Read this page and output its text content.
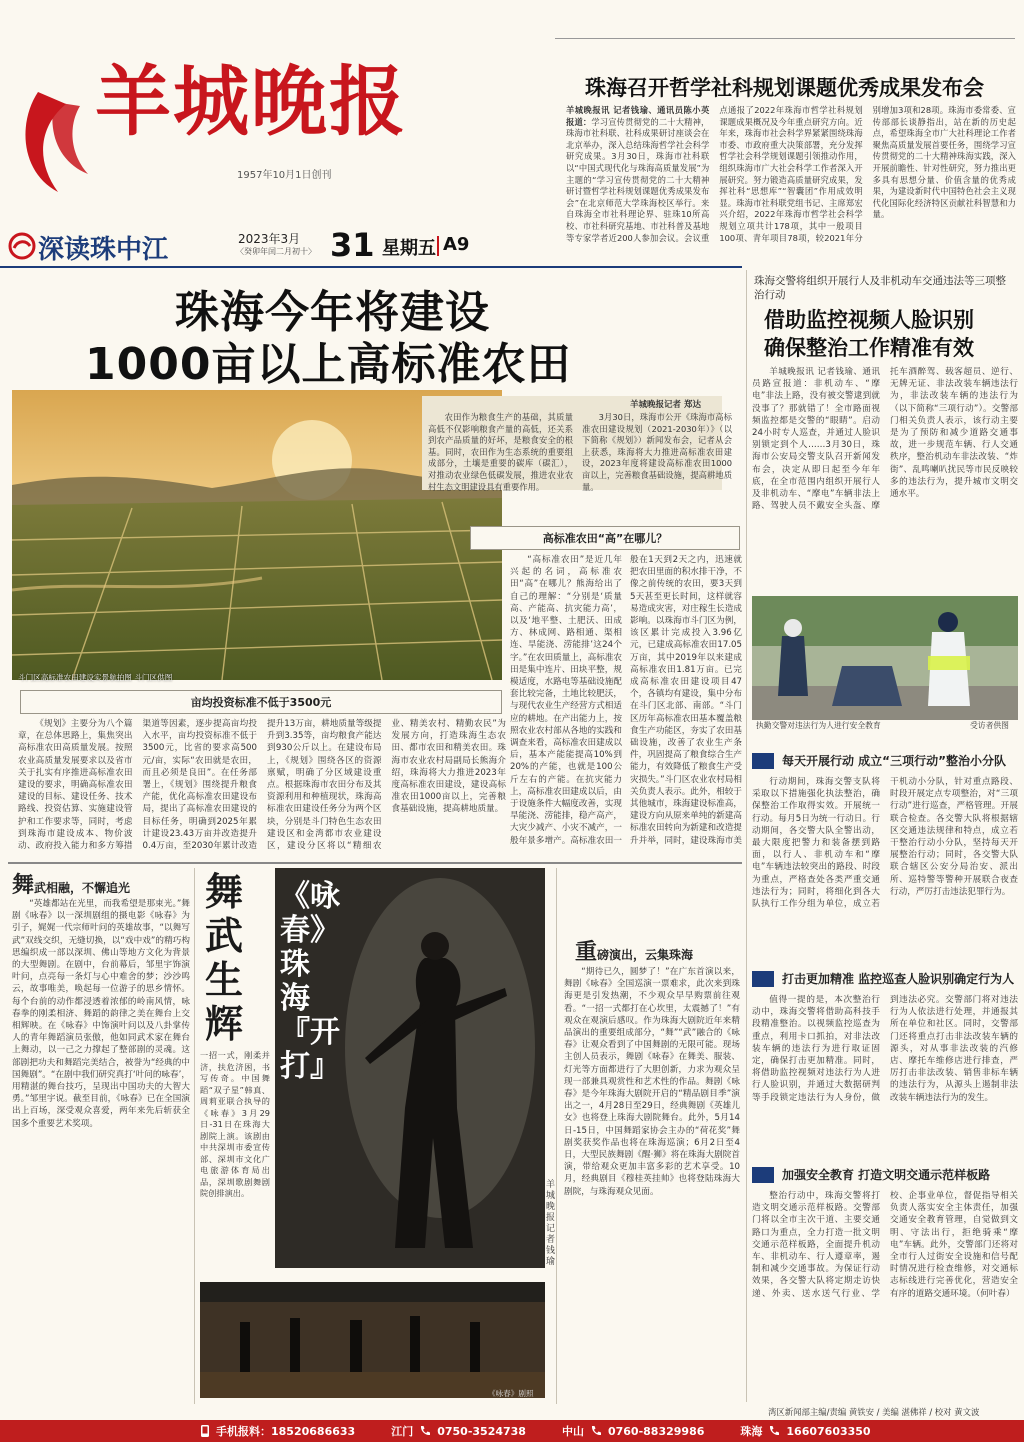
羊城晚报
1957年10月1日创刊
珠海召开哲学社科规划课题优秀成果发布会
深读珠中江	2023年3月
〈癸卯年闰二月初十〉 31 星期五 A9
羊城晚报讯 记者钱瑜、通讯员陈小英报道：学习宣传贯彻党的二十大精神，珠海市社科联、社科成果研讨座谈会在北京举办，深入总结珠海哲学社会科学研究成果。3月30日，珠海市社科联以“中国式现代化与珠海高质量发展”为主题的“学习宣传贯彻党的二十大精神研讨暨哲学社科规划课题优秀成果发布会”在北京师范大学珠海校区举行。来自珠海全市社科理论界、驻珠10所高校、市社科研究基地、市社科普及基地等专家学者近200人参加会议。会议重点通报了2022年珠海市哲学社科规划课题成果概况及今年重点研究方向。近年来，珠海市社会科学界紧紧围绕珠海市委、市政府重大决策部署，充分发挥哲学社会科学规划课题引领推动作用，组织珠海市广大社会科学工作者深入开展研究。努力锻造高质量研究成果，发挥社科“思想库”“智囊团”作用成效明显。珠海市社科联党组书记、主席郑宏兴介绍，2022年珠海市哲学社会科学规划立项共计178项，其中一般项目100项、青年项目78项，较2021年分别增加3项和28项。珠海市委常委、宣传部部长谈静指出，站在新的历史起点，希望珠海全市广大社科理论工作者聚焦高质量发展首要任务，围绕学习宣传贯彻党的二十大精神珠海实践，深入开展前瞻性、针对性研究，努力推出更多具有思想分量、价值含量的优秀成果，为建设新时代中国特色社会主义现代化国际化经济特区贡献社科智慧和力量。
珠海今年将建设
1000亩以上高标准农田

农田作为粮食生产的基础，其质量高低不仅影响粮食产量的高低，还关系到农产品质量的好坏，是粮食安全的根基。同时，农田作为生态系统的重要组成部分，土壤是重要的碳库（碳汇），对推动农业绿色低碳发展，推进农业农村生态文明建设具有重要作用。

羊城晚报记者 郑达

3月30日，珠海市公开《珠海市高标准农田建设规划（2021-2030年）》（以下简称《规划》）新闻发布会，记者从会上获悉，珠海将大力推进高标准农田建设，2023年度将建设高标准农田1000亩以上，完善粮食基础设施，提高耕地质量。

斗门区高标准农田建设实景航拍图 斗门区供图
高标准农田“高”在哪儿？

“高标准农田”是近几年兴起的名词，高标准农田“高”在哪儿？熊海给出了自己的理解：“分别是‘质量高、产能高、抗灾能力高’，以及‘地平整、土肥沃、田成方、林成网、路相通、渠相连、旱能浇、涝能排’这24个字。”在农田质量上，高标准农田是集中连片、田块平整，规模适度，水路电等基础设施配套比较完备，土地比较肥沃，与现代农业生产经营方式相适应的耕地。在产出能力上，按照农业农村部从各地的实践和调查来看，高标准农田建成以后，基本产能能提高10%到20%的产能，也就是100公斤左右的产能。在抗灾能力上，高标准农田建成以后，由于设施条件大幅度改善，实现旱能浇、涝能排，稳产高产，大灾少减产、小灾不减产，一般年景多增产。高标准农田一般在1天到2天之内，迅速就把农田里面的积水排干净，不像之前传统的农田，要3天到5天甚至更长时间，这样就容易造成灾害，对庄稼生长造成影响。以珠海市斗门区为例，该区累计完成投入3.96亿元，已建成高标准农田17.05万亩，其中2019年以来建成高标准农田1.81万亩。已完成高标准农田建设项目47个，各镇均有建设，集中分布在斗门区北部、南部。“斗门区历年高标准农田基本覆盖粮食生产功能区，夯实了农田基础设施，改善了农业生产条件，巩固提高了粮食综合生产能力，有效降低了粮食生产受灾损失。”斗门区农业农村局相关负责人表示。此外，相较于其他城市，珠海建设标准高，建设方向从原来单纯的新建高标准农田转向为新建和改造提升并举，同时，建设珠海市美

亩均投资标准不低于3500元

《规划》主要分为八个篇章，在总体思路上，集焦突出高标准农田高质量发展。按照农业高质量发展要求以及省市关于扎实有序推进高标准农田建设的要求，明确高标准农田建设的目标、建设任务、技术路线、投资估算、实施建设管护和工作要求等，同时，考虑到珠海市建设成本、物价波动、政府投入能力和多方筹措渠道等因素，逐步提高亩均投入水平，亩均投资标准不低于3500元，比省的要求高500元/亩，实际“农田就是农田，而且必须是良田”。在任务部署上，《规划》围绕提升粮食产能，优化高标准农田建设布局，提出了高标准农田建设的目标任务，明确到2025年累计建设23.43万亩并改造提升0.4万亩，至2030年累计改造提升13万亩，耕地质量等级提升到3.35等，亩均粮食产能达到930公斤以上。在建设布局上，《规划》围绕各区的资源禀赋，明确了分区域建设重点。根据珠海市农田分布及其资源利用和种植现状，珠海高标准农田建设任务分为两个区块，分别是斗门特色生态农田建设区和金湾都市农业建设区，建设分区将以“精细农业、精美农村、精勤农民”为发展方向，打造珠海生态农田、都市农田和精美农田。珠海市农业农村局副局长熊海介绍，珠海将大力推进2023年度高标准农田建设，建设高标准农田1000亩以上，完善粮食基础设施，提高耕地质量。

舞武相融，不懈追光

“英雄都站在光里，而我希望是那束光。”舞剧《咏春》以一深圳剧组的摄电影《咏春》为引子，娓娓一代宗师叶问的英雄故事，“以舞写武”双线交织，无缝切换，以“戏中戏”的精巧构思编织成一部以深圳、佛山等地方文化为背景的大型舞剧。在剧中，台前幕后，邹里宇饰演叶问，点亮每一条灯与心中难舍的梦；沙沙鸣云，故事唯美，唤起每一位游子的思乡情怀。每个台前的动作都浸透着浓郁的岭南风情，咏春拳的刚柔相济、舞蹈的韵律之美在舞台上交相辉映。在《咏春》中饰演叶问以及八卦掌传人的青年舞蹈演员张傲，他如同武术家在舞台上舞动，以一己之力撑起了整部剧的灵魂。这部剧把功夫和舞蹈完美结合，被誉为“经典的中国舞剧”。“在剧中我们研究真打‘叶问的咏春’，用精湛的舞台技巧，呈现出中国功夫的大智大勇。”邹里宇说。截至目前，《咏春》已在全国演出上百场，深受观众喜爱，两年来先后斩获全国多个重要艺术奖项。

舞武生辉

一招一式，刚柔并济，扶危济困，书写传奇。中国舞蹈“双子星”韩真、周莉亚联合执导的《咏春》3月29日-31日在珠海大剧院上演。该剧由中共深圳市委宣传部、深圳市文化广电旅游体育局出品，深圳歌剧舞剧院创排演出。

《咏春》珠海『开打』
羊城晚报记者 钱瑜
《咏春》剧照
重磅演出，云集珠海

“期待已久，圆梦了！”在广东首演以来，舞剧《咏春》全国巡演一票难求，此次来到珠海更是引发热潮，不少观众早早购票前往观看。“一招一式都打在心坎里，太震撼了！”有观众在观演后感叹。作为珠海大剧院近年来精品演出的重要组成部分，“舞”“武”融合的《咏春》让观众看到了中国舞剧的无限可能。现场主创人员表示，舞剧《咏春》在舞美、服装、灯光等方面都进行了大胆创新，力求为观众呈现一部兼具观赏性和艺术性的作品。舞剧《咏春》是今年珠海大剧院开启的“精品剧目季”演出之一，4月28日至29日，经典舞剧《英雄儿女》也将登上珠海大剧院舞台。此外，5月14日-15日，中国舞蹈家协会主办的“荷花奖”舞剧奖获奖作品也将在珠海巡演；6月2日至4日，大型民族舞剧《醒·狮》将在珠海大剧院首演，带给观众更加丰富多彩的艺术享受。10月，经典剧目《穆桂英挂帅》也将登陆珠海大剧院，与珠海观众见面。

珠海交警将组织开展行人及非机动车交通违法等三项整治行动
借助监控视频人脸识别
确保整治工作精准有效

羊城晚报讯 记者钱瑜、通讯员路宣报道：非机动车、“摩电”非法上路，没有被交警逮到就没事了？那就错了！全市路面视频监控都是交警的“眼睛”。启动24小时专人巡查，并通过人脸识别锁定到个人……3月30日，珠海市公安局交警支队召开新闻发布会，决定从即日起至今年年底，在全市范围内组织开展行人及非机动车、“摩电”车辆非法上路、驾驶人员不戴安全头盔、摩托车酒醉驾、载客超员、逆行、无牌无证、非法改装车辆违法行为，非法改装车辆的违法行为（以下简称“三项行动”）。交警部门相关负责人表示，该行动主要是为了预防和减少道路交通事故，进一步规范车辆、行人交通秩序，整治机动车非法改装、“炸街”、乱鸣喇叭扰民等市民反映较多的违法行为，提升城市文明交通水平。

执勤交警对违法行为人进行安全教育	受访者供图
每天开展行动 成立“三项行动”整治小分队

行动期间，珠海交警支队将采取以下措施强化执法整治，确保整治工作取得实效。开展统一行动。每月5日为统一行动日。行动期间，各交警大队全警出动，最大限度把警力和装备摆到路面，以行人、非机动车和“摩电”车辆违法较突出的路段、时段为重点，严格查处各类严重交通违法行为；同时，将细化到各大队执行工作分组为单位，成立若干机动小分队，针对重点路段、时段开展定点专项整治，对“三项行动”进行巡查，严格管理。开展联合检查。各交警大队将根据辖区交通违法规律和特点，成立若干整治行动小分队，坚持每天开展整治行动；同时，各交警大队联合辖区公安分局治安、派出所、巡特警等警种开展联合夜查行动，严厉打击违法犯罪行为。

打击更加精准 监控巡查人脸识别确定行为人

值得一提的是，本次整治行动中，珠海交警将借助高科技手段精准整治。以视频监控巡查为重点，利用卡口抓拍，对非法改装车辆的违法行为进行取证固定，确保打击更加精准。同时，将借助监控视频对违法行为人进行人脸识别，并通过大数据研判等手段锁定违法行为人身份，做到违法必究。交警部门将对违法行为人依法进行处理，并通报其所在单位和社区。同时，交警部门还将重点打击非法改装车辆的源头，对从事非法改装的汽修店、摩托车维修店进行排查，严厉打击非法改装、销售非标车辆的违法行为，从源头上遏制非法改装车辆违法行为的发生。

加强安全教育 打造文明交通示范样板路

整治行动中，珠海交警将打造文明交通示范样板路。交警部门将以全市主次干道、主要交通路口为重点，全力打造一批文明交通示范样板路，全面提升机动车、非机动车、行人遵章率，遏制和减少交通事故。为保证行动效果，各交警大队将定期走访快递、外卖、送水送气行业、学校、企事业单位，督促指导相关负责人落实安全主体责任，加强交通安全教育管理，自觉做到文明、守法出行，拒绝骑乘“摩电”车辆。此外，交警部门还将对全市行人过街安全设施和信号配时情况进行检查维修，对交通标志标线进行完善优化，营造安全有序的道路交通环境。（何叶春）

湾区新闻部主编/责编 黄铁安 / 美编 湛佛祥 / 校对 黄文波
手机报料： 18520686633	江门 0750-3524738	中山 0760-88329986	珠海 16607603350
